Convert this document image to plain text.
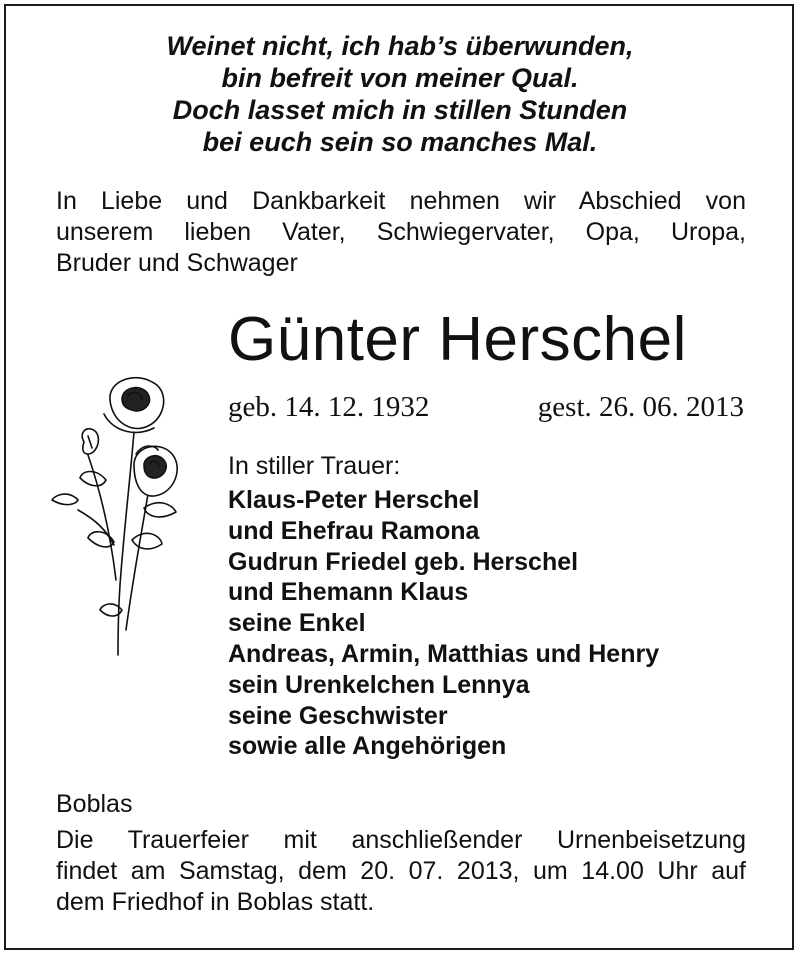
Weinet nicht, ich hab’s überwunden,
bin befreit von meiner Qual.
Doch lasset mich in stillen Stunden
bei euch sein so manches Mal.
In Liebe und Dankbarkeit nehmen wir Abschied von
unserem lieben Vater, Schwiegervater, Opa, Uropa,
Bruder und Schwager
Günter Herschel
geb. 14. 12. 1932	gest. 26. 06. 2013
In stiller Trauer:
Klaus-Peter Herschel
und Ehefrau Ramona
Gudrun Friedel geb. Herschel
und Ehemann Klaus
seine Enkel
Andreas, Armin, Matthias und Henry
sein Urenkelchen Lennya
seine Geschwister
sowie alle Angehörigen
Boblas
Die Trauerfeier mit anschließender Urnenbeisetzung
findet am Samstag, dem 20. 07. 2013, um 14.00 Uhr auf
dem Friedhof in Boblas statt.
